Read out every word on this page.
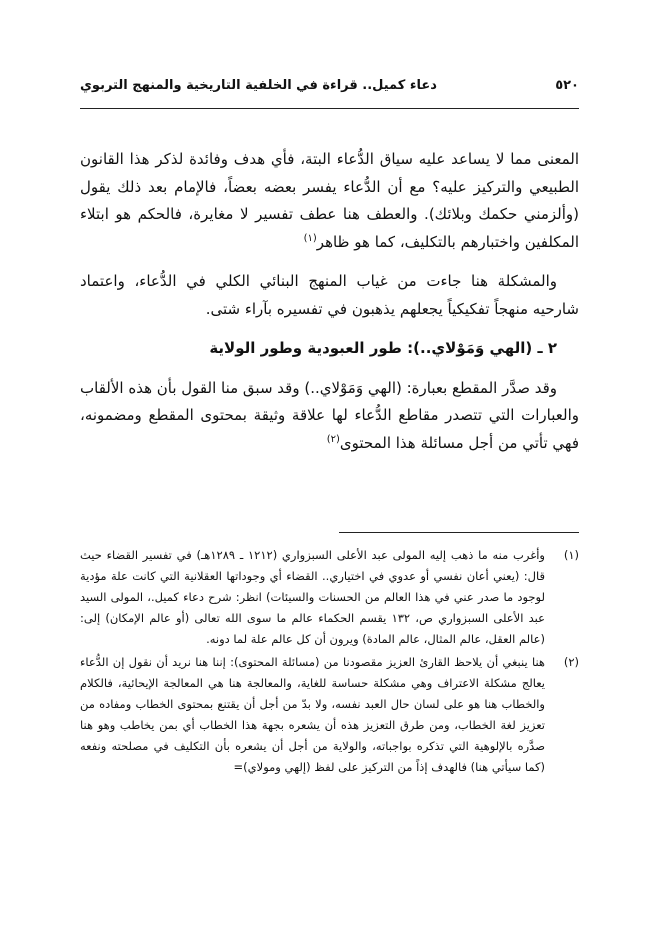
٥٢٠
دعاء كميل.. قراءة في الخلفية التاريخية والمنهج التربوي

المعنى مما لا يساعد عليه سياق الدُّعاء البتة، فأي هدف وفائدة لذكر هذا القانون الطبيعي والتركيز عليه؟ مع أن الدُّعاء يفسر بعضه بعضاً، فالإمام بعد ذلك يقول (وألزمني حكمك وبلائك). والعطف هنا عطف تفسير لا مغايرة، فالحكم هو ابتلاء المكلفين واختبارهم بالتكليف، كما هو ظاهر$^{(١)}$

والمشكلة هنا جاءت من غياب المنهج البنائي الكلي في الدُّعاء، واعتماد شارحيه منهجاً تفكيكياً يجعلهم يذهبون في تفسيره بآراء شتى.

٢ ـ (الهي وَمَوْلاي..): طور العبودية وطور الولاية

وقد صدَّر المقطع بعبارة: (الهي وَمَوْلاي..) وقد سبق منا القول بأن هذه الألقاب والعبارات التي تتصدر مقاطع الدُّعاء لها علاقة وثيقة بمحتوى المقطع ومضمونه، فهي تأتي من أجل مسائلة هذا المحتوى$^{(٢)}$

(١)
وأغرب منه ما ذهب إليه المولى عبد الأعلى السبزواري (١٢١٢ ـ ١٢٨٩هـ) في تفسير القضاء حيث قال: (يعني أعان نفسي أو عدوي في اختياري.. القضاء أي وجوداتها العقلانية التي كانت علة مؤدية لوجود ما صدر عني في هذا العالم من الحسنات والسيئات) انظر: شرح دعاء كميل.، المولى السيد عبد الأعلى السبزواري ص، ١٣٢ يقسم الحكماء عالم ما سوى الله تعالى (أو عالم الإمكان) إلى: (عالم العقل، عالم المثال، عالم المادة) ويرون أن كل عالم علة لما دونه.
(٢)
هنا ينبغي أن يلاحظ القارئ العزيز مقصودنا من (مسائلة المحتوى): إننا هنا نريد أن نقول إن الدُّعاء يعالج مشكلة الاعتراف وهي مشكلة حساسة للغاية، والمعالجة هنا هي المعالجة الإيحائية، فالكلام والخطاب هنا هو على لسان حال العبد نفسه، ولا بدّ من أجل أن يقتنع بمحتوى الخطاب ومفاده من تعزيز لغة الخطاب، ومن طرق التعزيز هذه أن يشعره بجهة هذا الخطاب أي بمن يخاطب وهو هنا صدَّره بالإلوهية التي تذكره بواجباته، والولاية من أجل أن يشعره بأن التكليف في مصلحته ونفعه (كما سيأتي هنا) فالهدف إذاً من التركيز على لفظ (إلهي ومولاي)=
